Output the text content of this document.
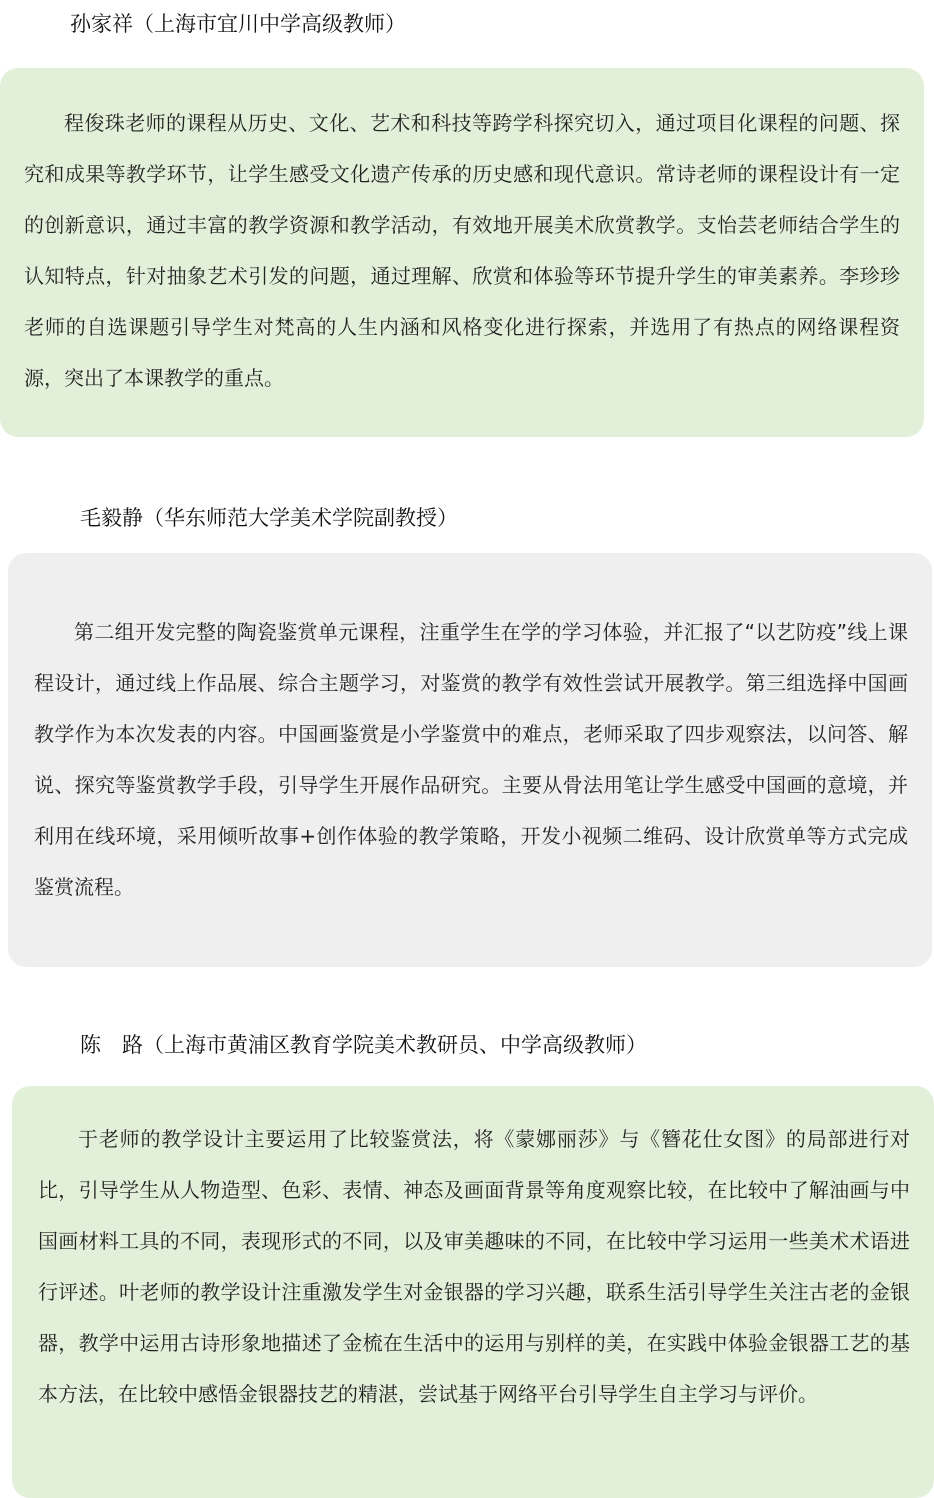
孙家祥（上海市宜川中学高级教师）

程俊珠老师的课程从历史、文化、艺术和科技等跨学科探究切入，通过项目化课程的问题、探究和成果等教学环节，让学生感受文化遗产传承的历史感和现代意识。常诗老师的课程设计有一定的创新意识，通过丰富的教学资源和教学活动，有效地开展美术欣赏教学。支怡芸老师结合学生的认知特点，针对抽象艺术引发的问题，通过理解、欣赏和体验等环节提升学生的审美素养。李珍珍老师的自选课题引导学生对梵高的人生内涵和风格变化进行探索，并选用了有热点的网络课程资源，突出了本课教学的重点。

毛毅静（华东师范大学美术学院副教授）

第二组开发完整的陶瓷鉴赏单元课程，注重学生在学的学习体验，并汇报了“以艺防疫”线上课程设计，通过线上作品展、综合主题学习，对鉴赏的教学有效性尝试开展教学。第三组选择中国画教学作为本次发表的内容。中国画鉴赏是小学鉴赏中的难点，老师采取了四步观察法，以问答、解说、探究等鉴赏教学手段，引导学生开展作品研究。主要从骨法用笔让学生感受中国画的意境，并利用在线环境，采用倾听故事+创作体验的教学策略，开发小视频二维码、设计欣赏单等方式完成鉴赏流程。

陈　路（上海市黄浦区教育学院美术教研员、中学高级教师）

于老师的教学设计主要运用了比较鉴赏法，将《蒙娜丽莎》与《簪花仕女图》的局部进行对比，引导学生从人物造型、色彩、表情、神态及画面背景等角度观察比较，在比较中了解油画与中国画材料工具的不同，表现形式的不同，以及审美趣味的不同，在比较中学习运用一些美术术语进行评述。叶老师的教学设计注重激发学生对金银器的学习兴趣，联系生活引导学生关注古老的金银器，教学中运用古诗形象地描述了金梳在生活中的运用与别样的美，在实践中体验金银器工艺的基本方法，在比较中感悟金银器技艺的精湛，尝试基于网络平台引导学生自主学习与评价。
